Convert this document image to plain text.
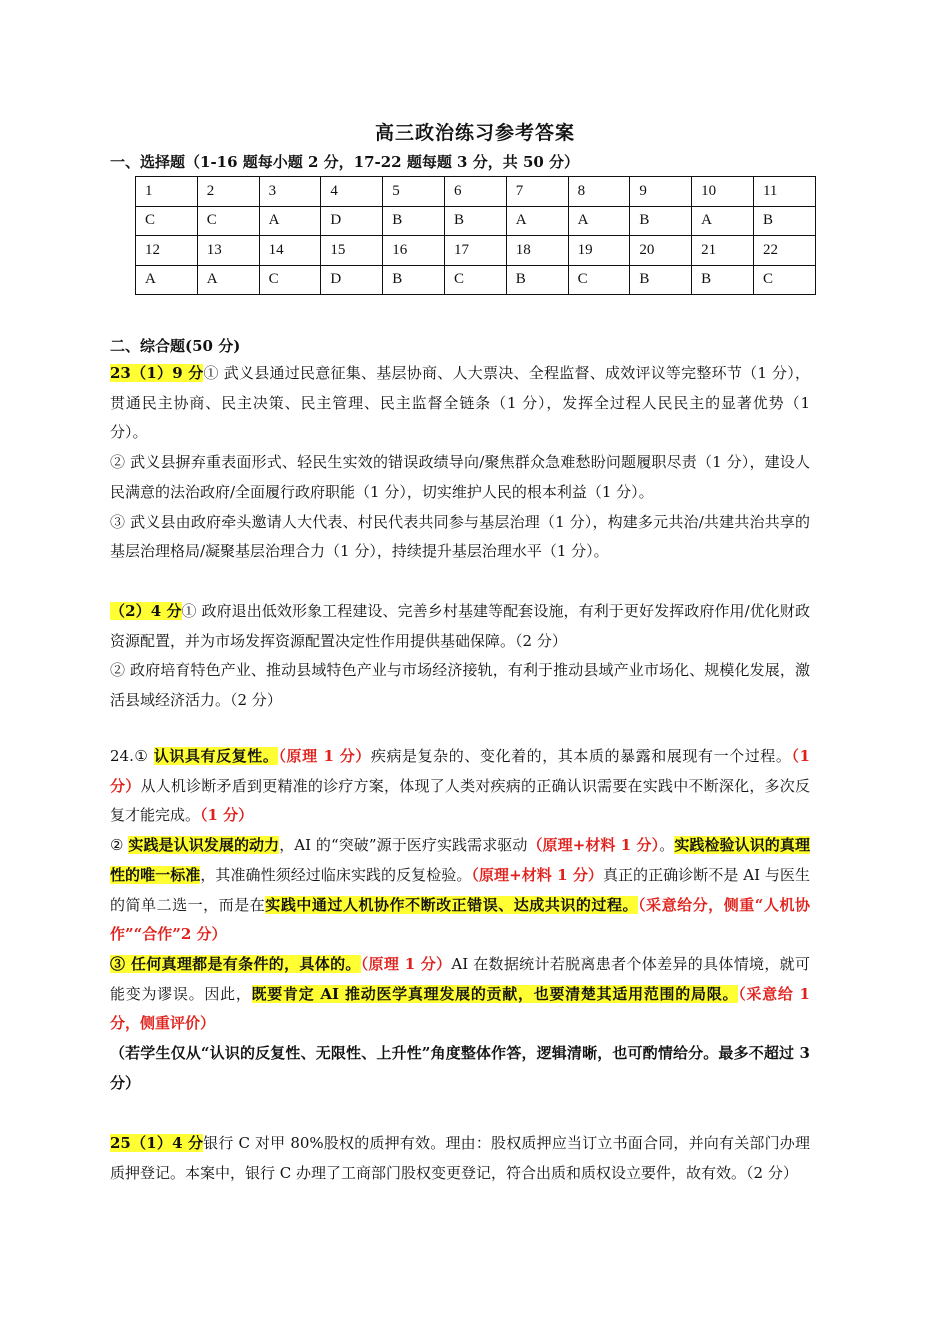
高三政治练习参考答案
一、选择题（1-16 题每小题 2 分，17-22 题每题 3 分，共 50 分）
1	2	3	4	5	6	7	8	9	10	11
C	C	A	D	B	B	A	A	B	A	B
12	13	14	15	16	17	18	19	20	21	22
A	A	C	D	B	C	B	C	B	B	C
二、综合题(50 分)
23（1）9 分① 武义县通过民意征集、基层协商、人大票决、全程监督、成效评议等完整环节（1 分），贯通民主协商、民主决策、民主管理、民主监督全链条（1 分），发挥全过程人民民主的显著优势（1 分）。
② 武义县摒弃重表面形式、轻民生实效的错误政绩导向/聚焦群众急难愁盼问题履职尽责（1 分），建设人民满意的法治政府/全面履行政府职能（1 分），切实维护人民的根本利益（1 分）。
③ 武义县由政府牵头邀请人大代表、村民代表共同参与基层治理（1 分），构建多元共治/共建共治共享的基层治理格局/凝聚基层治理合力（1 分），持续提升基层治理水平（1 分）。
（2）4 分① 政府退出低效形象工程建设、完善乡村基建等配套设施，有利于更好发挥政府作用/优化财政资源配置，并为市场发挥资源配置决定性作用提供基础保障。（2 分）
② 政府培育特色产业、推动县域特色产业与市场经济接轨，有利于推动县域产业市场化、规模化发展，激活县域经济活力。（2 分）
24.① 认识具有反复性。（原理 1 分）疾病是复杂的、变化着的，其本质的暴露和展现有一个过程。（1 分）从人机诊断矛盾到更精准的诊疗方案，体现了人类对疾病的正确认识需要在实践中不断深化，多次反复才能完成。（1 分）
② 实践是认识发展的动力，AI 的“突破”源于医疗实践需求驱动（原理+材料 1 分）。实践检验认识的真理性的唯一标准，其准确性须经过临床实践的反复检验。（原理+材料 1 分）真正的正确诊断不是 AI 与医生的简单二选一，而是在实践中通过人机协作不断改正错误、达成共识的过程。（采意给分，侧重“人机协作”“合作”2 分）
③ 任何真理都是有条件的，具体的。（原理 1 分）AI 在数据统计若脱离患者个体差异的具体情境，就可能变为谬误。因此，既要肯定 AI 推动医学真理发展的贡献，也要清楚其适用范围的局限。（采意给 1 分，侧重评价）
（若学生仅从“认识的反复性、无限性、上升性”角度整体作答，逻辑清晰，也可酌情给分。最多不超过 3 分）
25（1）4 分银行 C 对甲 80%股权的质押有效。理由：股权质押应当订立书面合同，并向有关部门办理质押登记。本案中，银行 C 办理了工商部门股权变更登记，符合出质和质权设立要件，故有效。（2 分）
